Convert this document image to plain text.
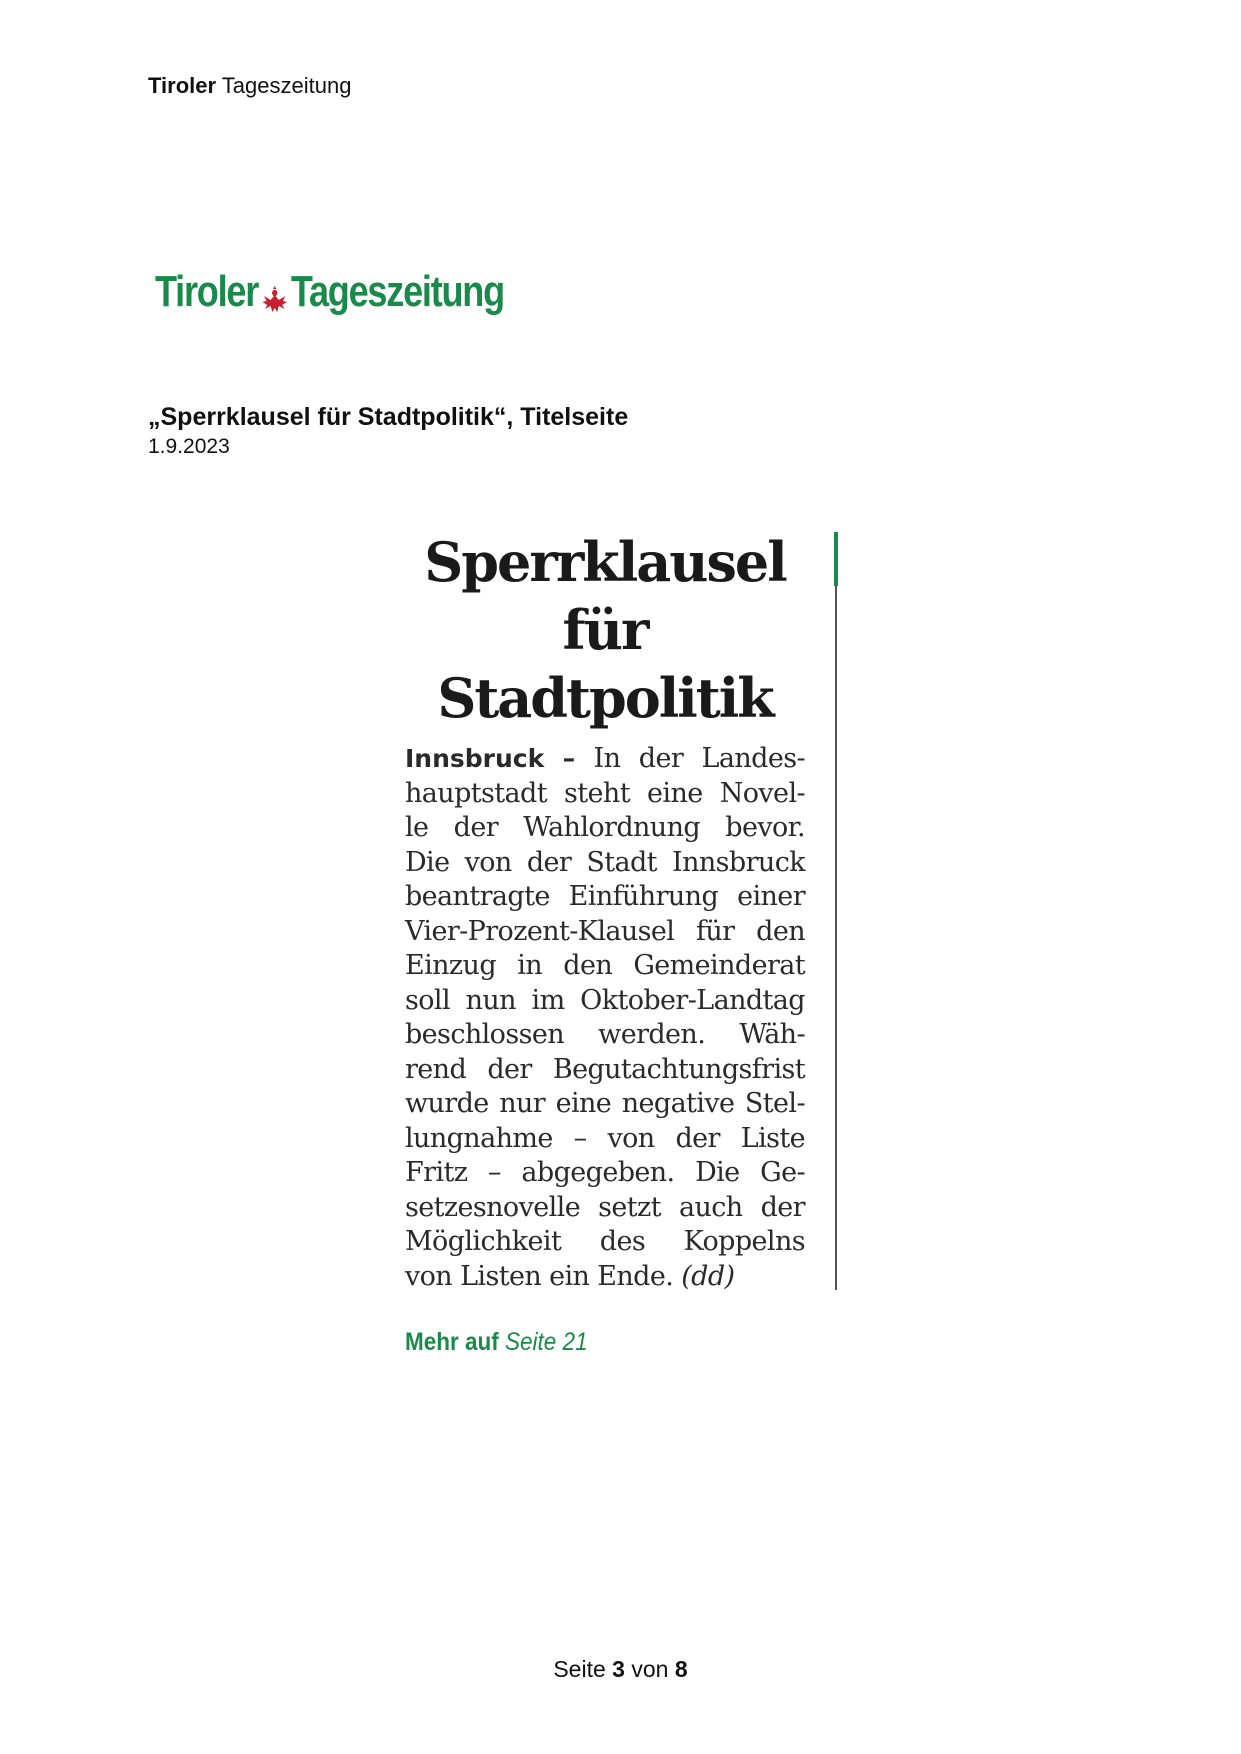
Tiroler Tageszeitung
Tiroler Tageszeitung
„Sperrklausel für Stadtpolitik“, Titelseite
1.9.2023
Sperrklausel
für Stadtpolitik
Innsbruck – In der Landes-
hauptstadt steht eine Novel-
le der Wahlordnung bevor.
Die von der Stadt Innsbruck
beantragte Einführung einer
Vier-Prozent-Klausel für den
Einzug in den Gemeinderat
soll nun im Oktober-Landtag
beschlossen werden. Wäh-
rend der Begutachtungsfrist
wurde nur eine negative Stel-
lungnahme – von der Liste
Fritz – abgegeben. Die Ge-
setzesnovelle setzt auch der
Möglichkeit des Koppelns
von Listen ein Ende. (dd)
Mehr auf Seite 21
Seite 3 von 8
